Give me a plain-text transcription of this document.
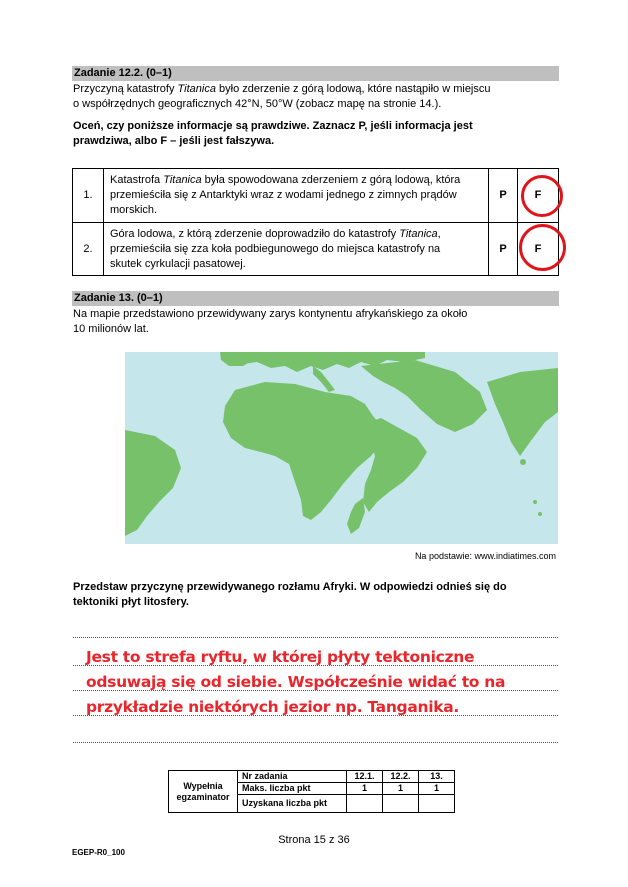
Zadanie 12.2. (0–1)
Przyczyną katastrofy Titanica było zderzenie z górą lodową, które nastąpiło w miejscu
o współrzędnych geograficznych 42°N, 50°W (zobacz mapę na stronie 14.).
Oceń, czy poniższe informacje są prawdziwe. Zaznacz P, jeśli informacja jest
prawdziwa, albo F – jeśli jest fałszywa.
1.	Katastrofa Titanica była spowodowana zderzeniem z górą lodową, która
przemieściła się z Antarktyki wraz z wodami jednego z zimnych prądów
morskich.	P	F
2.	Góra lodowa, z którą zderzenie doprowadziło do katastrofy Titanica,
przemieściła się zza koła podbiegunowego do miejsca katastrofy na
skutek cyrkulacji pasatowej.	P	F
Zadanie 13. (0–1)
Na mapie przedstawiono przewidywany zarys kontynentu afrykańskiego za około
10 milionów lat.
Na podstawie: www.indiatimes.com
Przedstaw przyczynę przewidywanego rozłamu Afryki. W odpowiedzi odnieś się do
tektoniki płyt litosfery.
Jest to strefa ryftu, w której płyty tektoniczne
odsuwają się od siebie. Współcześnie widać to na
przykładzie niektórych jezior np. Tanganika.
Wypełnia
egzaminator	Nr zadania	12.1.	12.2.	13.
	Maks. liczba pkt	1	1	1
	Uzyskana liczba pkt			
Strona 15 z 36
EGEP-R0_100
